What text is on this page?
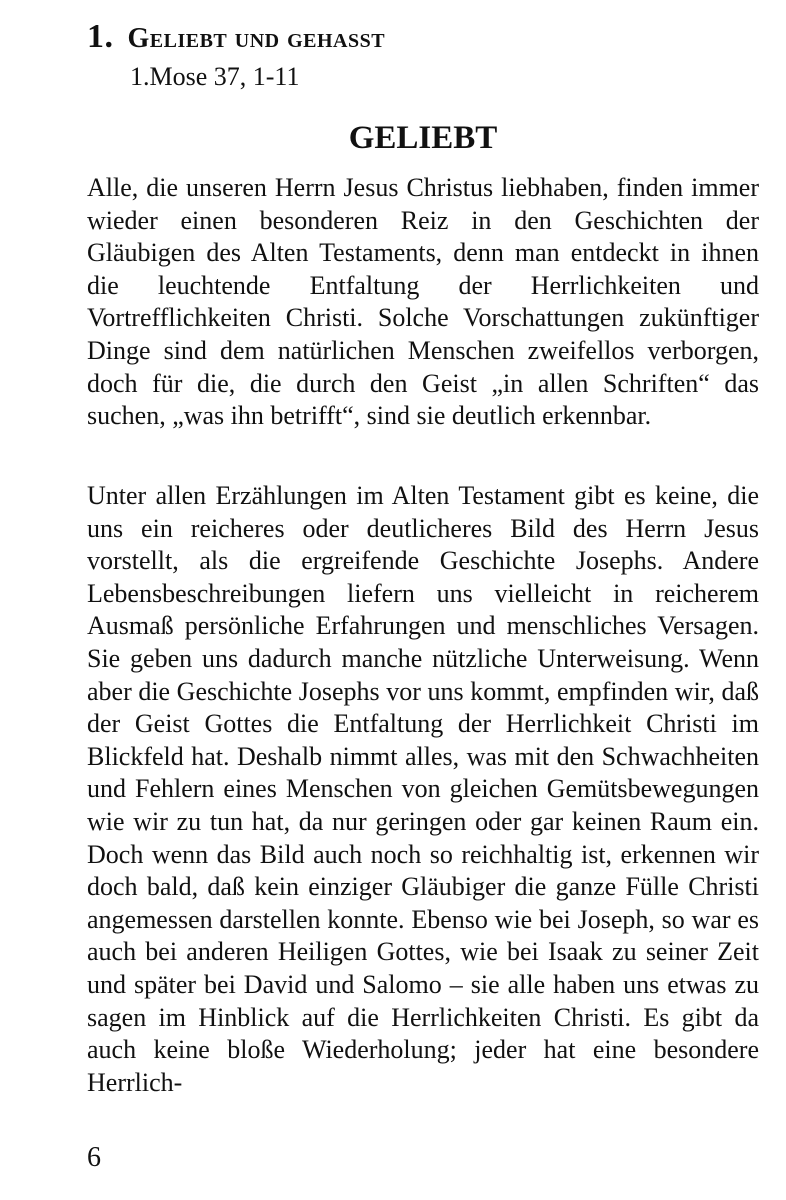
1. Geliebt und gehasst
1.Mose 37, 1-11
GELIEBT

Alle, die unseren Herrn Jesus Christus liebhaben, finden immer wieder einen besonderen Reiz in den Geschichten der Gläubigen des Alten Testaments, denn man entdeckt in ihnen die leuchtende Entfaltung der Herrlichkeiten und Vortrefflichkeiten Christi. Solche Vorschattungen zukünftiger Dinge sind dem natürlichen Menschen zweifellos verborgen, doch für die, die durch den Geist „in allen Schriften“ das suchen, „was ihn betrifft“, sind sie deutlich erkennbar.

Unter allen Erzählungen im Alten Testament gibt es keine, die uns ein reicheres oder deutlicheres Bild des Herrn Jesus vorstellt, als die ergreifende Geschichte Josephs. Andere Lebensbeschreibungen liefern uns vielleicht in reicherem Ausmaß persönliche Erfahrungen und menschliches Versagen. Sie geben uns dadurch manche nützliche Unterweisung. Wenn aber die Geschichte Josephs vor uns kommt, empfinden wir, daß der Geist Gottes die Entfaltung der Herrlichkeit Christi im Blickfeld hat. Deshalb nimmt alles, was mit den Schwachheiten und Fehlern eines Menschen von gleichen Gemütsbewegungen wie wir zu tun hat, da nur geringen oder gar keinen Raum ein. Doch wenn das Bild auch noch so reichhaltig ist, erkennen wir doch bald, daß kein einziger Gläubiger die ganze Fülle Christi angemessen darstellen konnte. Ebenso wie bei Joseph, so war es auch bei anderen Heiligen Gottes, wie bei Isaak zu seiner Zeit und später bei David und Salomo – sie alle haben uns etwas zu sagen im Hinblick auf die Herrlichkeiten Christi. Es gibt da auch keine bloße Wiederholung; jeder hat eine besondere Herrlich-

6
